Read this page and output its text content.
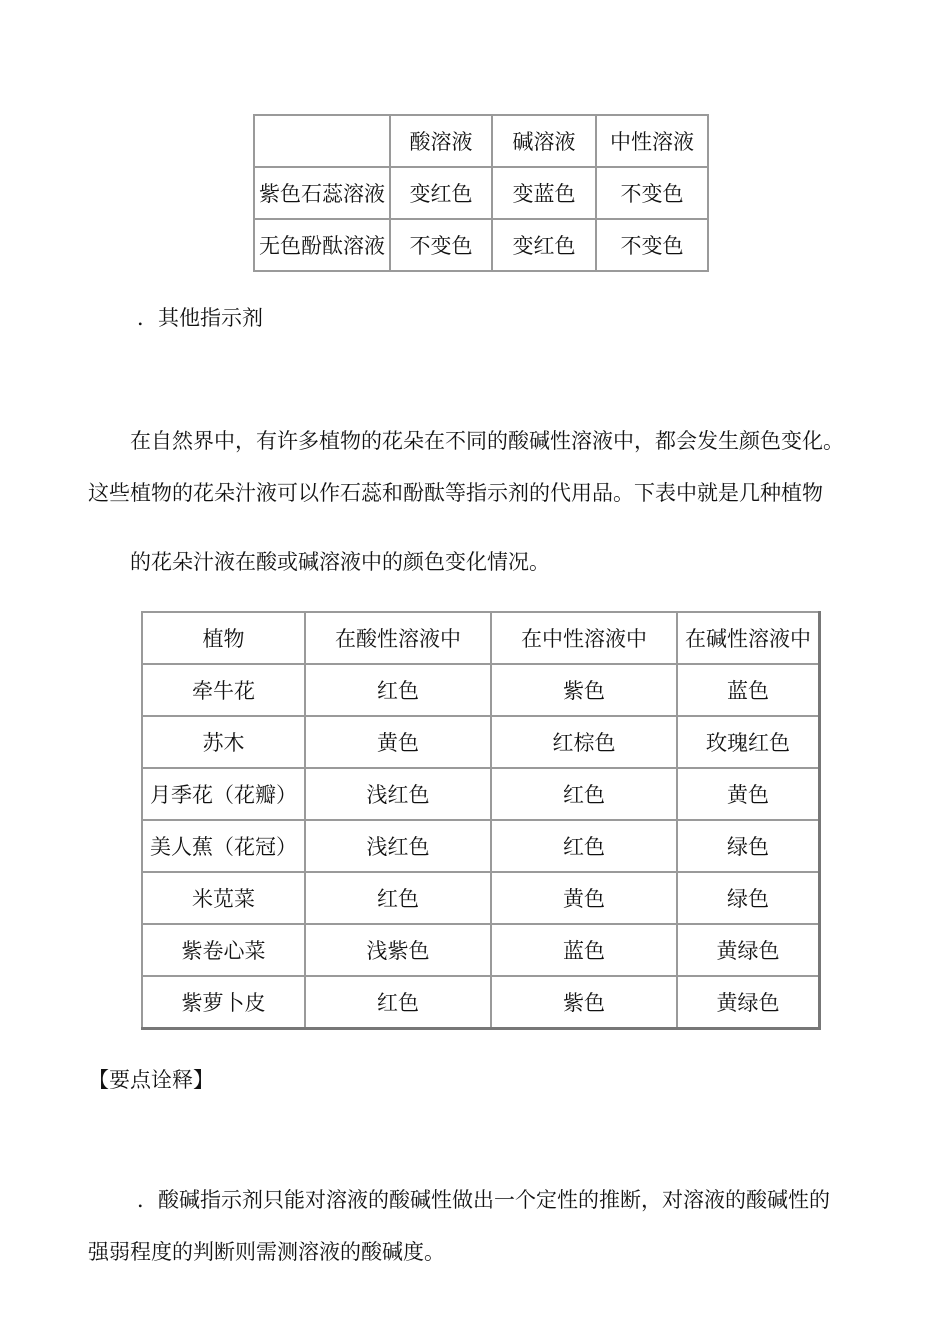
	酸溶液	碱溶液	中性溶液
紫色石蕊溶液	变红色	变蓝色	不变色
无色酚酞溶液	不变色	变红色	不变色
．其他指示剂
在自然界中，有许多植物的花朵在不同的酸碱性溶液中，都会发生颜色变化。
这些植物的花朵汁液可以作石蕊和酚酞等指示剂的代用品。下表中就是几种植物
的花朵汁液在酸或碱溶液中的颜色变化情况。
植物	在酸性溶液中	在中性溶液中	在碱性溶液中
牵牛花	红色	紫色	蓝色
苏木	黄色	红棕色	玫瑰红色
月季花（花瓣）	浅红色	红色	黄色
美人蕉（花冠）	浅红色	红色	绿色
米苋菜	红色	黄色	绿色
紫卷心菜	浅紫色	蓝色	黄绿色
紫萝卜皮	红色	紫色	黄绿色
【要点诠释】
．酸碱指示剂只能对溶液的酸碱性做出一个定性的推断，对溶液的酸碱性的
强弱程度的判断则需测溶液的酸碱度。
